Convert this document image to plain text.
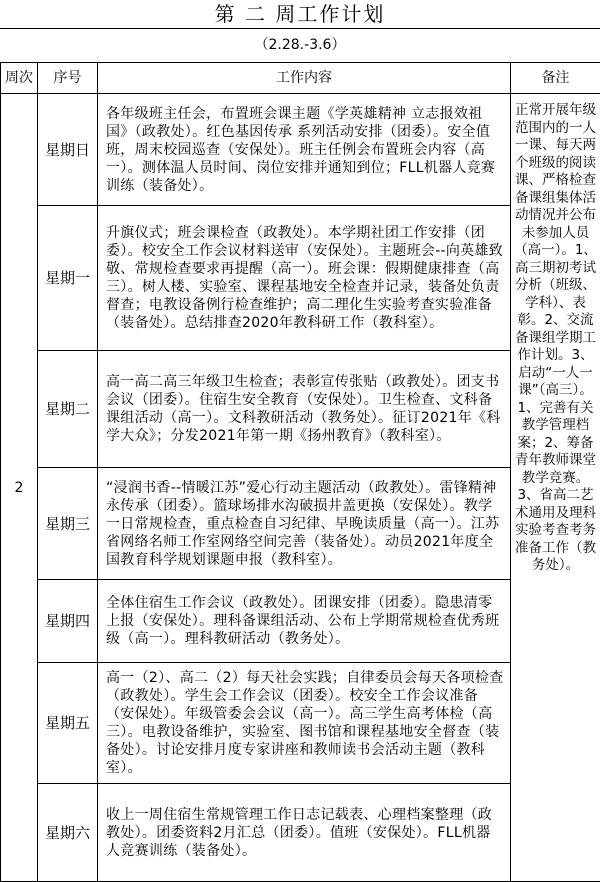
第 二 周工作计划
（2.28.-3.6）
周次	序号	工作内容	备注
2	星期日	各年级班主任会，布置班会课主题《学英雄精神 立志报效祖国》（政教处）。红色基因传承 系列活动安排（团委）。安全值班，周末校园巡查（安保处）。班主任例会布置班会内容（高一）。测体温人员时间、岗位安排并通知到位；FLL机器人竞赛训练（装备处）。	正常开展年级范围内的一人一课、每天两个班级的阅读课、严格检查备课组集体活动情况并公布未参加人员（高一）。1、高三期初考试分析（班级、学科）、表彰。2、交流备课组学期工作计划。3、启动“一人一课”（高三）。1、完善有关教学管理档案；2、筹备青年教师课堂教学竞赛。3、省高二艺术通用及理科实验考查考务准备工作（教务处）。

	星期一	升旗仪式；班会课检查（政教处）。本学期社团工作安排（团委）。校安全工作会议材料送审（安保处）。主题班会--向英雄致敬、常规检查要求再提醒（高一）。班会课：假期健康排查（高三）。树人楼、实验室、课程基地安全检查并记录，装备处负责督查；电教设备例行检查维护；高二理化生实验考查实验准备（装备处）。总结排查2020年教科研工作（教科室）。	
	星期二	高一高二高三年级卫生检查；表彰宣传张贴（政教处）。团支书会议（团委）。住宿生安全教育（安保处）。卫生检查、文科备课组活动（高一）。文科教研活动（教务处）。征订2021年《科学大众》；分发2021年第一期《扬州教育》（教科室）。	
	星期三	“浸润书香--情暖江苏”爱心行动主题活动（政教处）。雷锋精神永传承（团委）。篮球场排水沟破损井盖更换（安保处）。教学一日常规检查，重点检查自习纪律、早晚读质量（高一）。江苏省网络名师工作室网络空间完善（装备处）。动员2021年度全国教育科学规划课题申报（教科室）。	
	星期四	全体住宿生工作会议（政教处）。团课安排（团委）。隐患清零上报（安保处）。理科备课组活动、公布上学期常规检查优秀班级（高一）。理科教研活动（教务处）。	
	星期五	高一（2）、高二（2）每天社会实践；自律委员会每天各项检查（政教处）。学生会工作会议（团委）。校安全工作会议准备（安保处）。年级管委会会议（高一）。高三学生高考体检（高三）。电教设备维护，实验室、图书馆和课程基地安全督查（装备处）。讨论安排月度专家讲座和教师读书会活动主题（教科室）。	
	星期六	收上一周住宿生常规管理工作日志记载表、心理档案整理（政教处）。团委资料2月汇总（团委）。值班（安保处）。FLL机器人竞赛训练（装备处）。	
